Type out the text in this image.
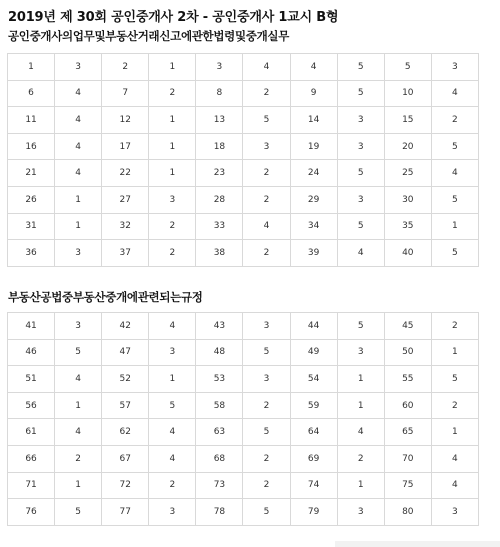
2019년 제 30회 공인중개사 2차 - 공인중개사 1교시 B형
공인중개사의업무및부동산거래신고에관한법령및중개실무
1	3	2	1	3	4	4	5	5	3
6	4	7	2	8	2	9	5	10	4
11	4	12	1	13	5	14	3	15	2
16	4	17	1	18	3	19	3	20	5
21	4	22	1	23	2	24	5	25	4
26	1	27	3	28	2	29	3	30	5
31	1	32	2	33	4	34	5	35	1
36	3	37	2	38	2	39	4	40	5
부동산공법중부동산중개에관련되는규정
41	3	42	4	43	3	44	5	45	2
46	5	47	3	48	5	49	3	50	1
51	4	52	1	53	3	54	1	55	5
56	1	57	5	58	2	59	1	60	2
61	4	62	4	63	5	64	4	65	1
66	2	67	4	68	2	69	2	70	4
71	1	72	2	73	2	74	1	75	4
76	5	77	3	78	5	79	3	80	3
